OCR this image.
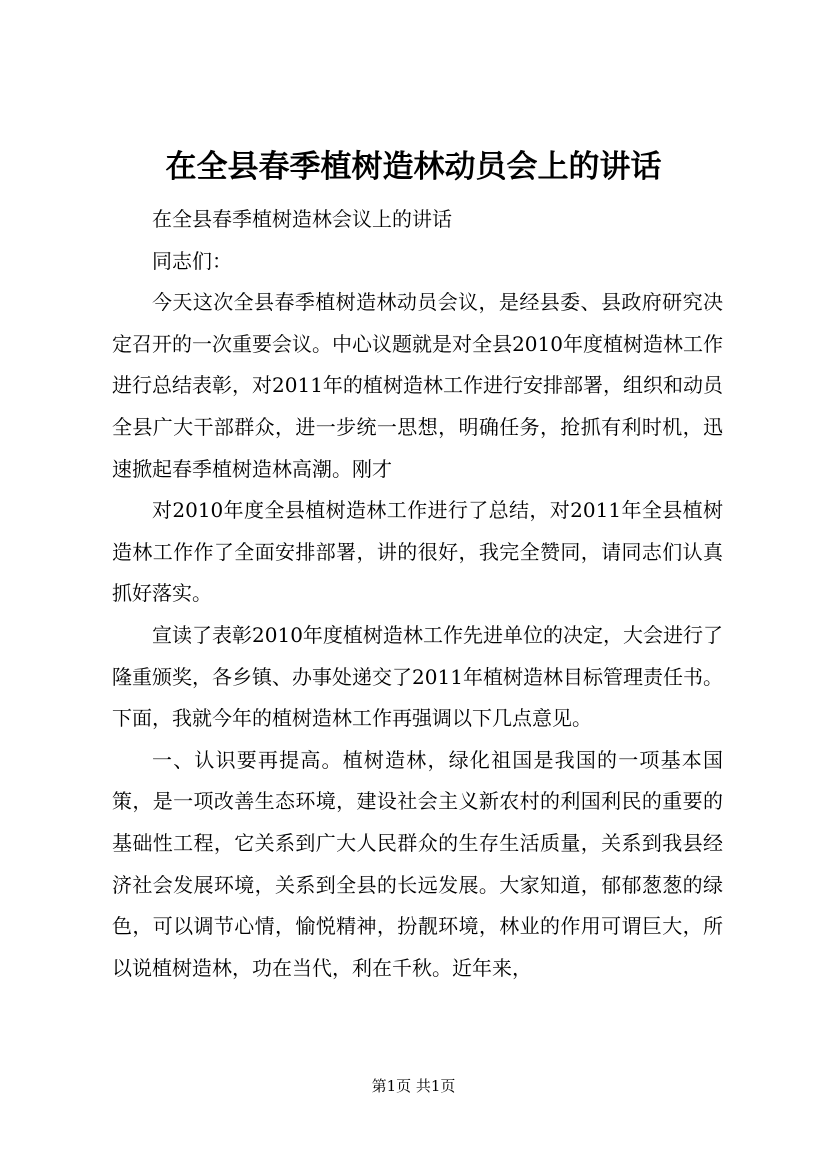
在全县春季植树造林动员会上的讲话

在全县春季植树造林会议上的讲话

同志们：

今天这次全县春季植树造林动员会议，是经县委、县政府研究决定召开的一次重要会议。中心议题就是对全县2010年度植树造林工作进行总结表彰，对2011年的植树造林工作进行安排部署，组织和动员全县广大干部群众，进一步统一思想，明确任务，抢抓有利时机，迅速掀起春季植树造林高潮。刚才

对2010年度全县植树造林工作进行了总结，对2011年全县植树造林工作作了全面安排部署，讲的很好，我完全赞同，请同志们认真抓好落实。

宣读了表彰2010年度植树造林工作先进单位的决定，大会进行了隆重颁奖，各乡镇、办事处递交了2011年植树造林目标管理责任书。下面，我就今年的植树造林工作再强调以下几点意见。

一、认识要再提高。植树造林，绿化祖国是我国的一项基本国策，是一项改善生态环境，建设社会主义新农村的利国利民的重要的基础性工程，它关系到广大人民群众的生存生活质量，关系到我县经济社会发展环境，关系到全县的长远发展。大家知道，郁郁葱葱的绿色，可以调节心情，愉悦精神，扮靓环境，林业的作用可谓巨大，所以说植树造林，功在当代，利在千秋。近年来，

第1页 共1页
